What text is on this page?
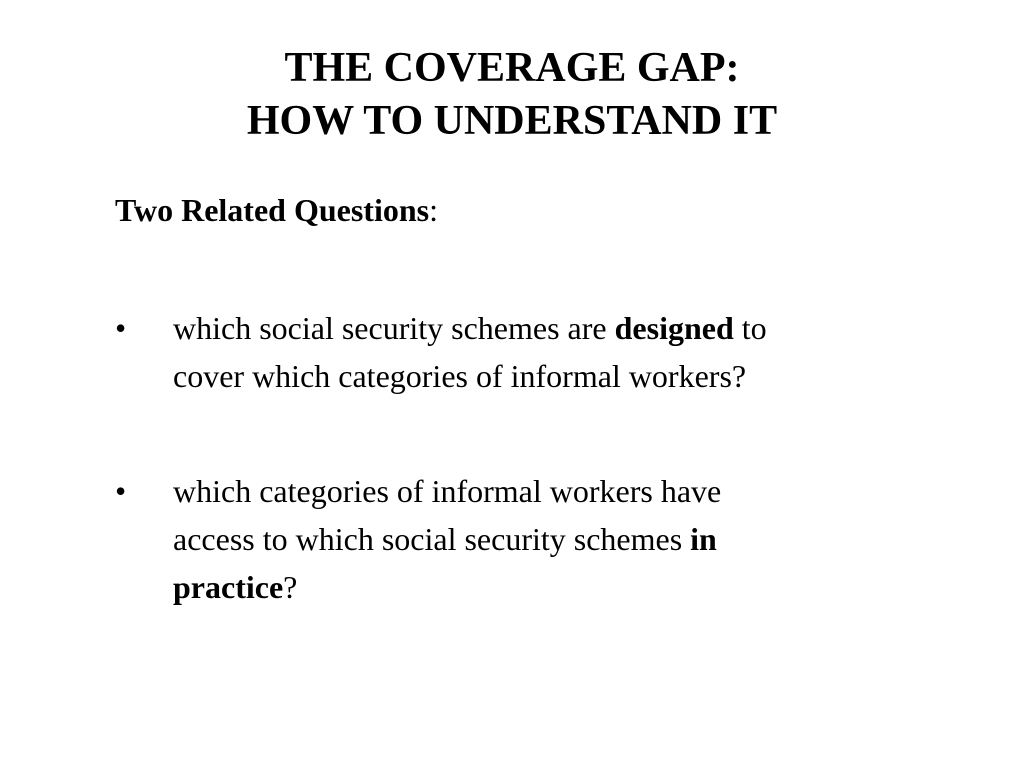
THE COVERAGE GAP:
HOW TO UNDERSTAND IT
Two Related Questions:
• which social security schemes are designed to
cover which categories of informal workers?
• which categories of informal workers have
access to which social security schemes in
practice?
